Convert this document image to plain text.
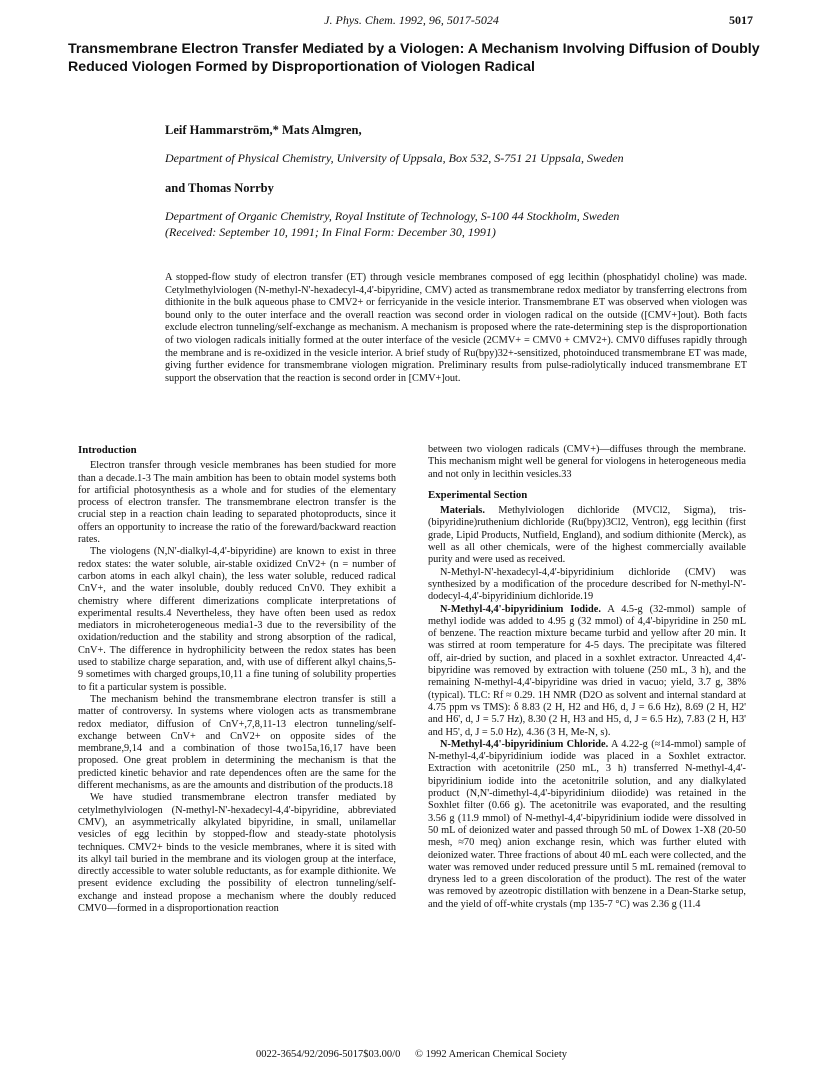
J. Phys. Chem. 1992, 96, 5017-5024	5017
Transmembrane Electron Transfer Mediated by a Viologen: A Mechanism Involving Diffusion of Doubly Reduced Viologen Formed by Disproportionation of Viologen Radical
Leif Hammarström,* Mats Almgren,
Department of Physical Chemistry, University of Uppsala, Box 532, S-751 21 Uppsala, Sweden
and Thomas Norrby
Department of Organic Chemistry, Royal Institute of Technology, S-100 44 Stockholm, Sweden
(Received: September 10, 1991; In Final Form: December 30, 1991)
A stopped-flow study of electron transfer (ET) through vesicle membranes composed of egg lecithin (phosphatidyl choline) was made. Cetylmethylviologen (N-methyl-N'-hexadecyl-4,4'-bipyridine, CMV) acted as transmembrane redox mediator by transferring electrons from dithionite in the bulk aqueous phase to CMV2+ or ferricyanide in the vesicle interior. Transmembrane ET was observed when viologen was bound only to the outer interface and the overall reaction was second order in viologen radical on the outside ([CMV+]out). Both facts exclude electron tunneling/self-exchange as mechanism. A mechanism is proposed where the rate-determining step is the disproportionation of two viologen radicals initially formed at the outer interface of the vesicle (2CMV+ = CMV0 + CMV2+). CMV0 diffuses rapidly through the membrane and is re-oxidized in the vesicle interior. A brief study of Ru(bpy)32+-sensitized, photoinduced transmembrane ET was made, giving further evidence for transmembrane viologen migration. Preliminary results from pulse-radiolytically induced transmembrane ET support the observation that the reaction is second order in [CMV+]out.
Introduction

Electron transfer through vesicle membranes has been studied for more than a decade.1-3 The main ambition has been to obtain model systems both for artificial photosynthesis as a whole and for studies of the elementary process of electron transfer. The transmembrane electron transfer is the crucial step in a reaction chain leading to separated photoproducts, since it offers an opportunity to increase the ratio of the foreward/backward reaction rates.

The viologens (N,N'-dialkyl-4,4'-bipyridine) are known to exist in three redox states: the water soluble, air-stable oxidized CnV2+ (n = number of carbon atoms in each alkyl chain), the less water soluble, reduced radical CnV+, and the water insoluble, doubly reduced CnV0. They exhibit a chemistry where different dimerizations complicate interpretations of experimental results.4 Nevertheless, they have often been used as redox mediators in microheterogeneous media1-3 due to the reversibility of the oxidation/reduction and the stability and strong absorption of the radical, CnV+. The difference in hydrophilicity between the redox states has been used to stabilize charge separation, and, with use of different alkyl chains,5-9 sometimes with charged groups,10,11 a fine tuning of solubility properties to fit a particular system is possible.

The mechanism behind the transmembrane electron transfer is still a matter of controversy. In systems where viologen acts as transmembrane redox mediator, diffusion of CnV+,7,8,11-13 electron tunneling/self-exchange between CnV+ and CnV2+ on opposite sides of the membrane,9,14 and a combination of those two15a,16,17 have been proposed. One great problem in determining the mechanism is that the predicted kinetic behavior and rate dependences often are the same for the different mechanisms, as are the amounts and distribution of the products.18

We have studied transmembrane electron transfer mediated by cetylmethylviologen (N-methyl-N'-hexadecyl-4,4'-bipyridine, abbreviated CMV), an asymmetrically alkylated bipyridine, in small, unilamellar vesicles of egg lecithin by stopped-flow and steady-state photolysis techniques. CMV2+ binds to the vesicle membranes, where it is sited with its alkyl tail buried in the membrane and its viologen group at the interface, directly accessible to water soluble reductants, as for example dithionite. We present evidence excluding the possibility of electron tunneling/self-exchange and instead propose a mechanism where the doubly reduced CMV0—formed in a disproportionation reaction

between two viologen radicals (CMV+)—diffuses through the membrane. This mechanism might well be general for viologens in heterogeneous media and not only in lecithin vesicles.33

Experimental Section

Materials. Methylviologen dichloride (MVCl2, Sigma), tris-(bipyridine)ruthenium dichloride (Ru(bpy)3Cl2, Ventron), egg lecithin (first grade, Lipid Products, Nutfield, England), and sodium dithionite (Merck), as well as all other chemicals, were of the highest commercially available purity and were used as received.

N-Methyl-N'-hexadecyl-4,4'-bipyridinium dichloride (CMV) was synthesized by a modification of the procedure described for N-methyl-N'-dodecyl-4,4'-bipyridinium dichloride.19

N-Methyl-4,4'-bipyridinium Iodide. A 4.5-g (32-mmol) sample of methyl iodide was added to 4.95 g (32 mmol) of 4,4'-bipyridine in 250 mL of benzene. The reaction mixture became turbid and yellow after 20 min. It was stirred at room temperature for 4-5 days. The precipitate was filtered off, air-dried by suction, and placed in a soxhlet extractor. Unreacted 4,4'-bipyridine was removed by extraction with toluene (250 mL, 3 h), and the remaining N-methyl-4,4'-bipyridine was dried in vacuo; yield, 3.7 g, 38% (typical). TLC: Rf ≈ 0.29. 1H NMR (D2O as solvent and internal standard at 4.75 ppm vs TMS): δ 8.83 (2 H, H2 and H6, d, J = 6.6 Hz), 8.69 (2 H, H2' and H6', d, J = 5.7 Hz), 8.30 (2 H, H3 and H5, d, J = 6.5 Hz), 7.83 (2 H, H3' and H5', d, J = 5.0 Hz), 4.36 (3 H, Me-N, s).

N-Methyl-4,4'-bipyridinium Chloride. A 4.22-g (≈14-mmol) sample of N-methyl-4,4'-bipyridinium iodide was placed in a Soxhlet extractor. Extraction with acetonitrile (250 mL, 3 h) transferred N-methyl-4,4'-bipyridinium iodide into the acetonitrile solution, and any dialkylated product (N,N'-dimethyl-4,4'-bipyridinium diiodide) was retained in the Soxhlet filter (0.66 g). The acetonitrile was evaporated, and the resulting 3.56 g (11.9 mmol) of N-methyl-4,4'-bipyridinium iodide were dissolved in 50 mL of deionized water and passed through 50 mL of Dowex 1-X8 (20-50 mesh, ≈70 meq) anion exchange resin, which was further eluted with deionized water. Three fractions of about 40 mL each were collected, and the water was removed under reduced pressure until 5 mL remained (removal to dryness led to a green discoloration of the product). The rest of the water was removed by azeotropic distillation with benzene in a Dean-Starke setup, and the yield of off-white crystals (mp 135-7 °C) was 2.36 g (11.4

0022-3654/92/2096-5017$03.00/0 © 1992 American Chemical Society
